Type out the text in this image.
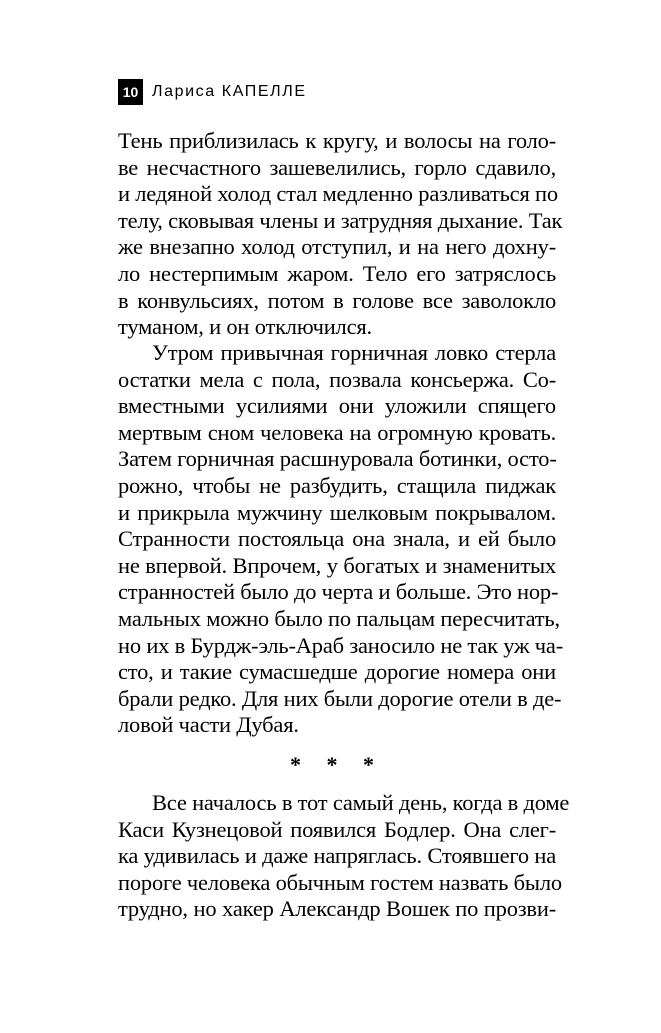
10 Лариса КАПЕЛЛЕ
Тень приблизилась к кругу, и волосы на голо-
ве несчастного зашевелились, горло сдавило,
и ледяной холод стал медленно разливаться по
телу, сковывая члены и затрудняя дыхание. Так
же внезапно холод отступил, и на него дохну-
ло нестерпимым жаром. Тело его затряслось
в конвульсиях, потом в голове все заволокло
туманом, и он отключился.
Утром привычная горничная ловко стерла
остатки мела с пола, позвала консьержа. Со-
вместными усилиями они уложили спящего
мертвым сном человека на огромную кровать.
Затем горничная расшнуровала ботинки, осто-
рожно, чтобы не разбудить, стащила пиджак
и прикрыла мужчину шелковым покрывалом.
Странности постояльца она знала, и ей было
не впервой. Впрочем, у богатых и знаменитых
странностей было до черта и больше. Это нор-
мальных можно было по пальцам пересчитать,
но их в Бурдж-эль-Араб заносило не так уж ча-
сто, и такие сумасшедше дорогие номера они
брали редко. Для них были дорогие отели в де-
ловой части Дубая.
* * *
Все началось в тот самый день, когда в доме
Каси Кузнецовой появился Бодлер. Она слег-
ка удивилась и даже напряглась. Стоявшего на
пороге человека обычным гостем назвать было
трудно, но хакер Александр Вошек по прозви-
